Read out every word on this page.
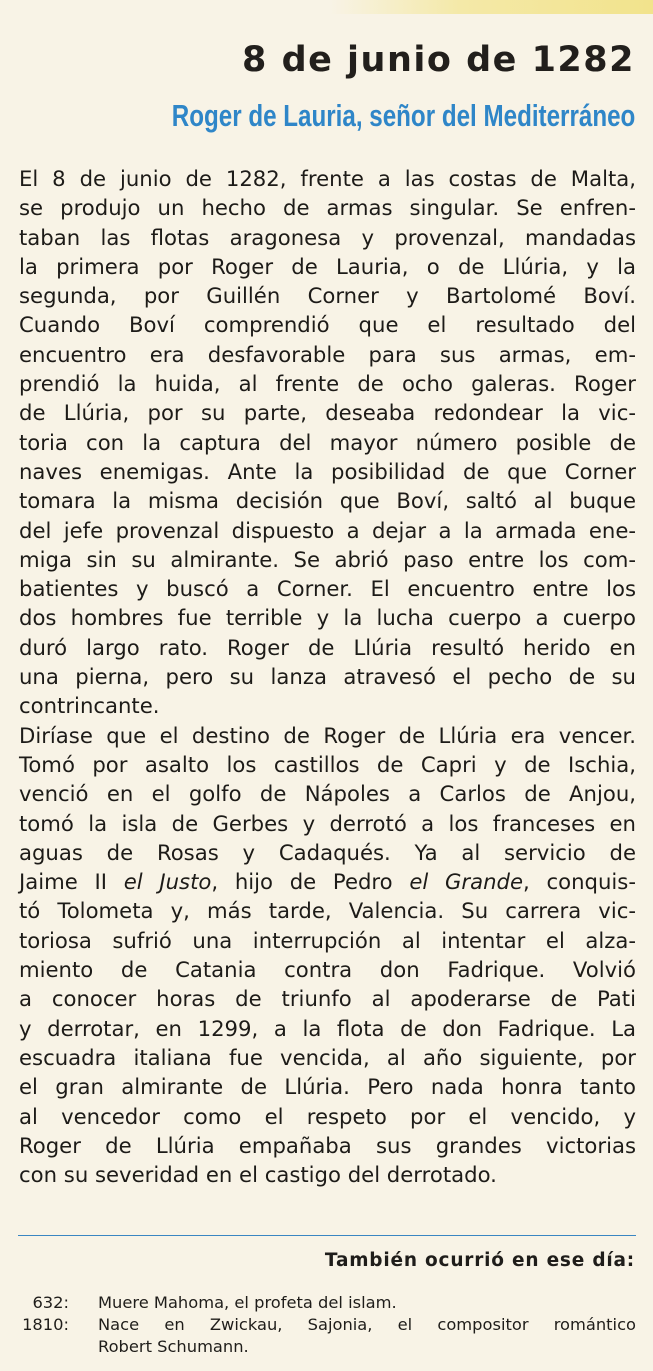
8 de junio de 1282
Roger de Lauria, señor del Mediterráneo
El 8 de junio de 1282, frente a las costas de Malta,
se produjo un hecho de armas singular. Se enfren-
taban las flotas aragonesa y provenzal, mandadas
la primera por Roger de Lauria, o de Llúria, y la
segunda, por Guillén Corner y Bartolomé Boví.
Cuando Boví comprendió que el resultado del
encuentro era desfavorable para sus armas, em-
prendió la huida, al frente de ocho galeras. Roger
de Llúria, por su parte, deseaba redondear la vic-
toria con la captura del mayor número posible de
naves enemigas. Ante la posibilidad de que Corner
tomara la misma decisión que Boví, saltó al buque
del jefe provenzal dispuesto a dejar a la armada ene-
miga sin su almirante. Se abrió paso entre los com-
batientes y buscó a Corner. El encuentro entre los
dos hombres fue terrible y la lucha cuerpo a cuerpo
duró largo rato. Roger de Llúria resultó herido en
una pierna, pero su lanza atravesó el pecho de su
contrincante.
Diríase que el destino de Roger de Llúria era vencer.
Tomó por asalto los castillos de Capri y de Ischia,
venció en el golfo de Nápoles a Carlos de Anjou,
tomó la isla de Gerbes y derrotó a los franceses en
aguas de Rosas y Cadaqués. Ya al servicio de
Jaime II el Justo, hijo de Pedro el Grande, conquis-
tó Tolometa y, más tarde, Valencia. Su carrera vic-
toriosa sufrió una interrupción al intentar el alza-
miento de Catania contra don Fadrique. Volvió
a conocer horas de triunfo al apoderarse de Pati
y derrotar, en 1299, a la flota de don Fadrique. La
escuadra italiana fue vencida, al año siguiente, por
el gran almirante de Llúria. Pero nada honra tanto
al vencedor como el respeto por el vencido, y
Roger de Llúria empañaba sus grandes victorias
con su severidad en el castigo del derrotado.
También ocurrió en ese día:
632: Muere Mahoma, el profeta del islam.
1810: Nace en Zwickau, Sajonia, el compositor romántico
Robert Schumann.
